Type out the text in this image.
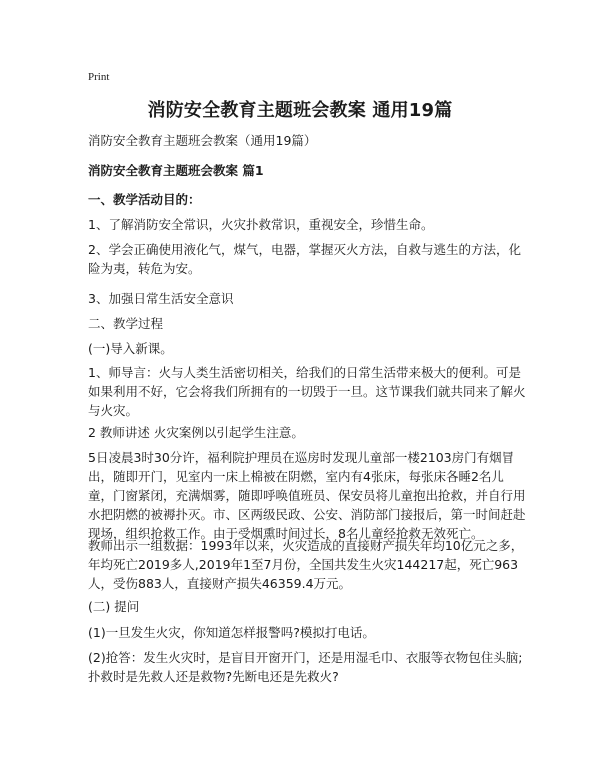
Print
消防安全教育主题班会教案 通用19篇
消防安全教育主题班会教案（通用19篇）
消防安全教育主题班会教案 篇1
一、教学活动目的：
1、了解消防安全常识，火灾扑救常识，重视安全，珍惜生命。
2、学会正确使用液化气，煤气，电器，掌握灭火方法，自救与逃生的方法，化险为夷，转危为安。
3、加强日常生活安全意识
二、教学过程
(一)导入新课。
1、师导言：火与人类生活密切相关，给我们的日常生活带来极大的便利。可是如果利用不好，它会将我们所拥有的一切毁于一旦。这节课我们就共同来了解火与火灾。
2 教师讲述 火灾案例以引起学生注意。
5日凌晨3时30分许，福利院护理员在巡房时发现儿童部一楼2103房门有烟冒出，随即开门，见室内一床上棉被在阴燃，室内有4张床，每张床各睡2名儿童，门窗紧闭，充满烟雾，随即呼唤值班员、保安员将儿童抱出抢救，并自行用水把阴燃的被褥扑灭。市、区两级民政、公安、消防部门接报后，第一时间赶赴现场，组织抢救工作。由于受烟熏时间过长，8名儿童经抢救无效死亡。
教师出示一组数据：1993年以来，火灾造成的直接财产损失年均10亿元之多，年均死亡2019多人,2019年1至7月份，全国共发生火灾144217起，死亡963人，受伤883人，直接财产损失46359.4万元。
(二) 提问
(1)一旦发生火灾，你知道怎样报警吗?模拟打电话。
(2)抢答：发生火灾时，是盲目开窗开门，还是用湿毛巾、衣服等衣物包住头脑;扑救时是先救人还是救物?先断电还是先救火?
